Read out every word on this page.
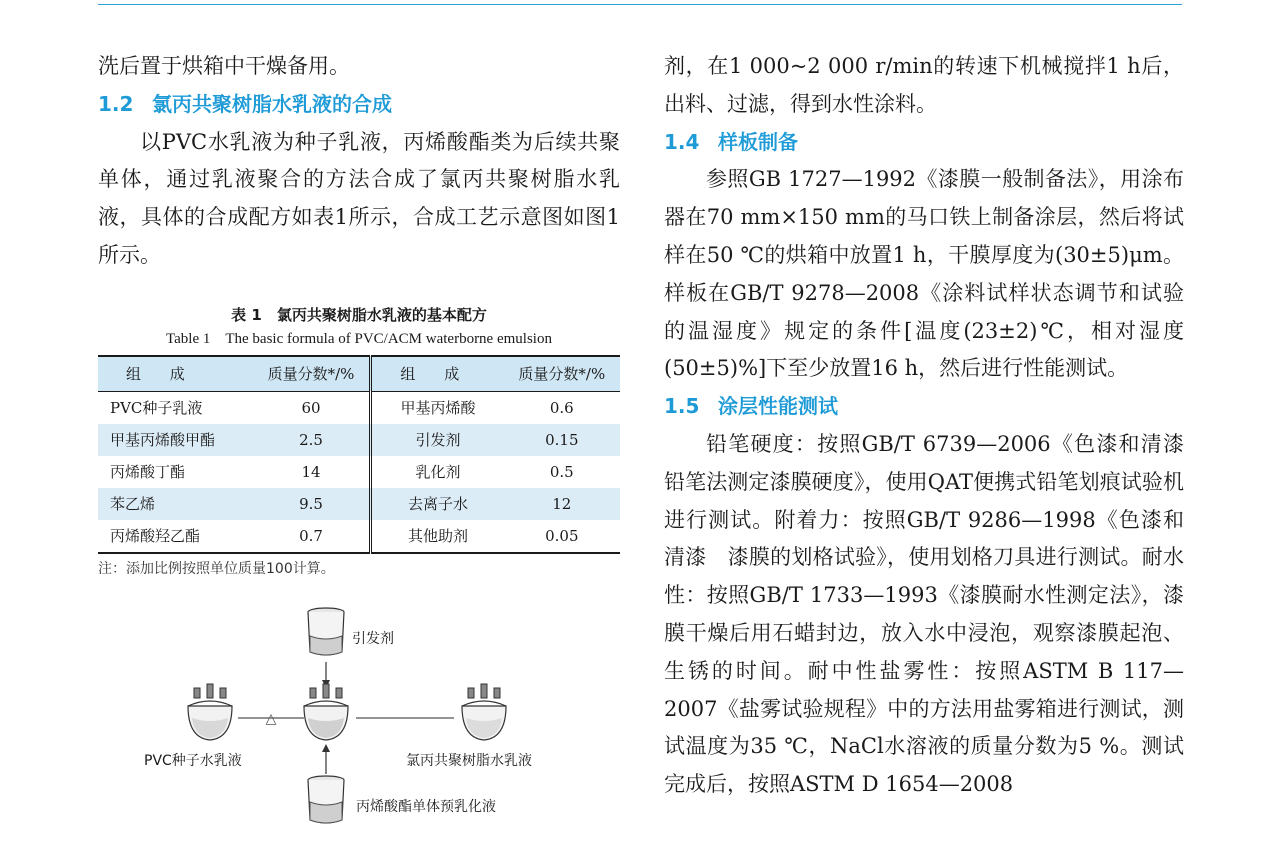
洗后置于烘箱中干燥备用。

1.2 氯丙共聚树脂水乳液的合成

以PVC水乳液为种子乳液，丙烯酸酯类为后续共聚单体，通过乳液聚合的方法合成了氯丙共聚树脂水乳液，具体的合成配方如表1所示，合成工艺示意图如图1所示。

表 1　氯丙共聚树脂水乳液的基本配方
Table 1　The basic formula of PVC/ACM waterborne emulsion
组 成	质量分数*/%	组 成	质量分数*/%
PVC种子乳液	60	甲基丙烯酸	0.6
甲基丙烯酸甲酯	2.5	引发剂	0.15
丙烯酸丁酯	14	乳化剂	0.5
苯乙烯	9.5	去离子水	12
丙烯酸羟乙酯	0.7	其他助剂	0.05
注：添加比例按照单位质量100计算。
△
引发剂
PVC种子水乳液	氯丙共聚树脂水乳液
丙烯酸酯单体预乳化液

剂，在1 000~2 000 r/min的转速下机械搅拌1 h后，出料、过滤，得到水性涂料。

1.4 样板制备

参照GB 1727—1992《漆膜一般制备法》，用涂布器在70 mm×150 mm的马口铁上制备涂层，然后将试样在50 ℃的烘箱中放置1 h，干膜厚度为(30±5)μm。样板在GB/T 9278—2008《涂料试样状态调节和试验的温湿度》规定的条件[温度(23±2)℃，相对湿度(50±5)%]下至少放置16 h，然后进行性能测试。

1.5 涂层性能测试

铅笔硬度：按照GB/T 6739—2006《色漆和清漆　铅笔法测定漆膜硬度》，使用QAT便携式铅笔划痕试验机进行测试。附着力：按照GB/T 9286—1998《色漆和清漆　漆膜的划格试验》，使用划格刀具进行测试。耐水性：按照GB/T 1733—1993《漆膜耐水性测定法》，漆膜干燥后用石蜡封边，放入水中浸泡，观察漆膜起泡、生锈的时间。耐中性盐雾性：按照ASTM B 117—2007《盐雾试验规程》中的方法用盐雾箱进行测试，测试温度为35 ℃，NaCl水溶液的质量分数为5 %。测试完成后，按照ASTM D 1654—2008
